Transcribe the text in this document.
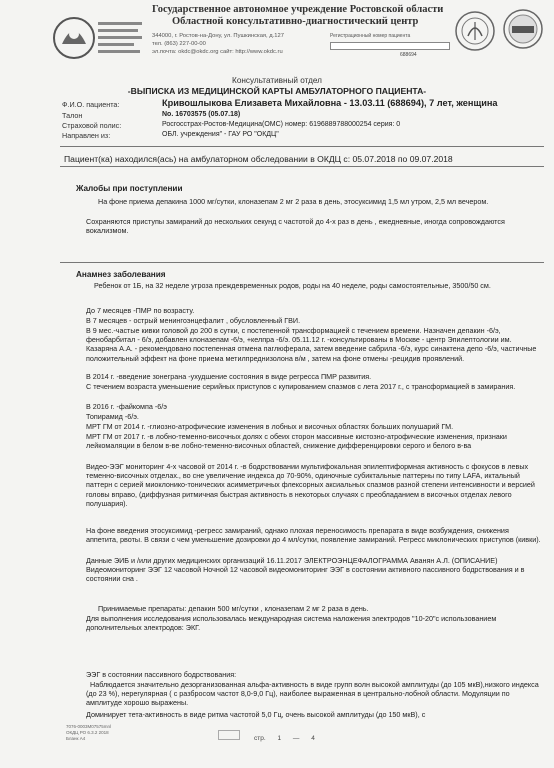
Государственное автономное учреждение Ростовской области
Областной консультативно-диагностический центр
344000, г. Ростов-на-Дону, ул. Пушкинская, д.127
тел. (863) 227-00-00
эл.почта: okdc@okdc.org сайт: http://www.okdc.ru
Регистрационный номер пациента
688694
Консультативный отдел
-ВЫПИСКА ИЗ МЕДИЦИНСКОЙ КАРТЫ АМБУЛАТОРНОГО ПАЦИЕНТА-
Ф.И.О. пациента:	Кривошлыкова Елизавета Михайловна - 13.03.11 (688694), 7 лет, женщина
Талон	No. 16703575 (05.07.18)
Страховой полис:	Росгосстрах-Ростов-Медицина(ОМС) номер: 6196889788000254 серия: 0
Направлен из:	ОБЛ. учреждения" - ГАУ РО "ОКДЦ"
Пациент(ка) находился(ась) на амбулаторном обследовании в ОКДЦ с: 05.07.2018 по 09.07.2018
Жалобы при поступлении

На фоне приема депакина 1000 мг/сутки, клоназепам 2 мг 2 раза в день, этосуксимид 1,5 мл утром, 2,5 мл вечером.

Сохраняются приступы замираний до нескольких секунд с частотой до 4-х раз в день , ежедневные, иногда сопровождаются вокализмом.

Анамнез заболевания

Ребенок от 1Б, на 32 неделе угроза преждевременных родов, роды на 40 неделе, роды самостоятельные, 3500/50 см.

До 7 месяцев -ПМР по возрасту.

В 7 месяцев - острый менингоэнцефалит , обусловленный ГВИ.

В 9 мес.-частые кивки головой до 200 в сутки, с постепенной трансформацией с течением времени. Назначен депакин -6/э, фенобарбитал - 6/э, добавлен клоназепам -6/э, +келпра -6/э. 05.11.12 г. -консультированы в Москве - центр Эпилептологии им. Казаряна А.А. - рекомендовано постепенная отмена паглюферала, затем введение сабрила -6/э, курс синактена депо -6/э, частичные положительный эффект на фоне приема метилпреднизолона в/м , затем на фоне отмены -рецидив проявлений.

В 2014 г. -введение зонеграна -ухудшение состояния в виде регресса ПМР развития.

С течением возраста уменьшение серийных приступов с купированием спазмов с лета 2017 г., с трансформацией в замирания.

В 2016 г. -файкомпа -6/э

Топирамид -6/э.

МРТ ГМ от 2014 г. -глиозно-атрофические изменения в лобных и височных областях больших полушарий ГМ.

МРТ ГМ от 2017 г. -в лобно-теменно-височных долях с обеих сторон массивные кистозно-атрофические изменения, признаки лейкомаляции в белом в-ве лобно-теменно-височных областей, снижение дифференцировки серого и белого в-ва

Видео-ЭЭГ мониторинг 4-х часовой от 2014 г. -в бодрствовании мультифокальная эпилептиформная активность с фокусов в левых теменно-височных отделах., во сне увеличение индекса до 70-90%, одиночные субиктальные паттерны по типу LAFA, иктальный паттерн с серией миоклонико-тонических асимметричных флексорных аксиальных спазмов разной степени интенсивности и версией головы вправо, (диффузная ритмичная быстрая активность в некоторых случаях с преобладанием в височных отделах левого полушария).

На фоне введения этосуксимид -регресс замираний, однако плохая переносимость препарата в виде возбуждения, снижения аппетита, рвоты. В связи с чем уменьшение дозировки до 4 мл/сутки, появление замираний. Регресс миклонических приступов (кивки).

Данные ЭИБ и /или других медицинских организаций 16.11.2017 ЭЛЕКТРОЭНЦЕФАЛОГРАММА Аванян А.Л. (ОПИСАНИЕ) Видеомониторинг ЭЭГ 12 часовой Ночной 12 часовой видеомониторинг ЭЭГ в состоянии активного пассивного бодрствования и в состоянии сна .

Принимаемые препараты: депакин 500 мг/сутки , клоназепам 2 мг 2 раза в день.

Для выполнения исследования использовалась международная система наложения электродов "10-20"с использованием дополнительных электродов: ЭКГ.

ЭЭГ в состоянии пассивного бодрствования:

Наблюдается значительно дезорганизованная альфа-активность в виде групп волн высокой амплитуды (до 105 мкВ),низкого индекса (до 23 %), нерегулярная ( с разбросом частот 8,0-9,0 Гц), наиболее выраженная в центрально-лобной области. Модуляции по амплитуде хорошо выражены.

Доминирует тета-активность в виде ритма частотой 5,0 Гц, очень высокой амплитуды (до 150 мкВ), с

7076-0003М07575mnl
ОКДЦ РО 6.3.2 2018
Бланк А4	стр. 1 — 4
